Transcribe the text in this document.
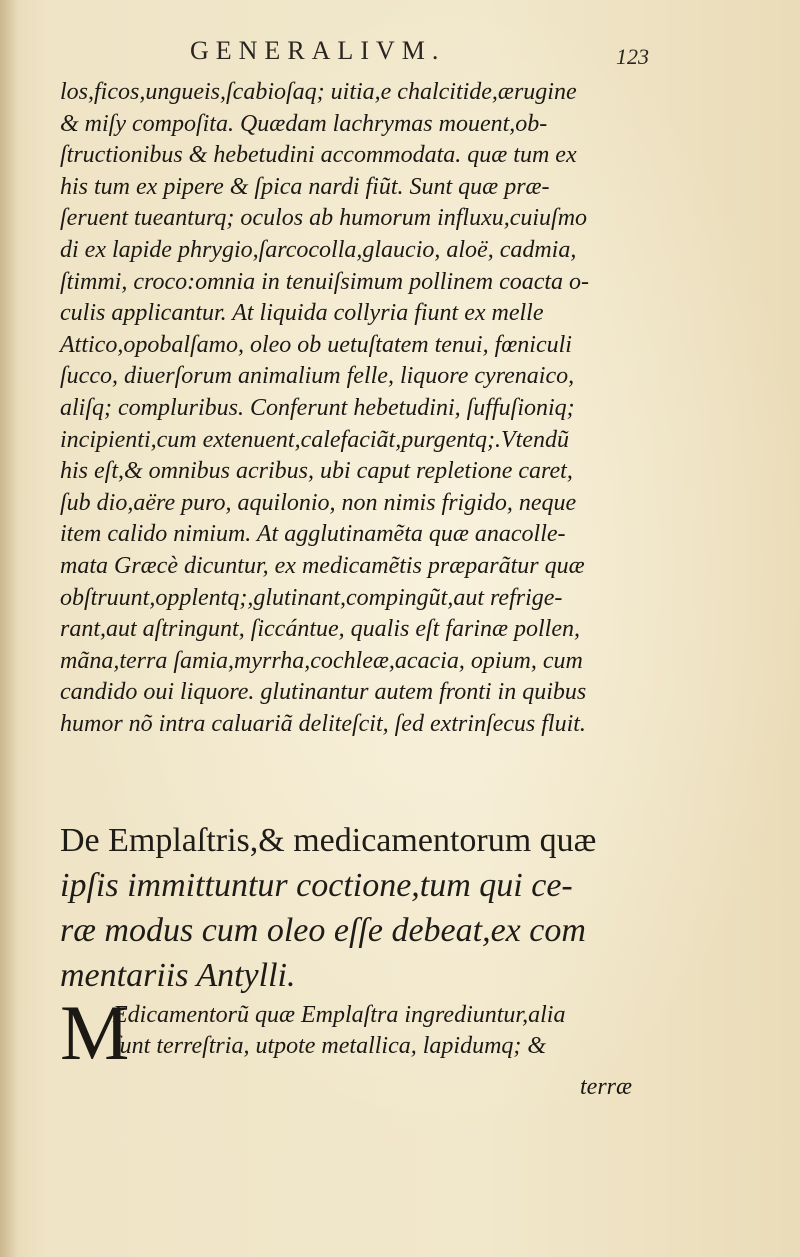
GENERALIVM.	123
los,ficos,ungueis,ſcabioſaq; uitia,e chalcitide,ærugine
& miſy compoſita. Quædam lachrymas mouent,ob-
ſtructionibus & hebetudini accommodata. quæ tum ex
his tum ex pipere & ſpica nardi fiũt. Sunt quæ præ-
ſeruent tueanturq; oculos ab humorum influxu,cuiuſmo
di ex lapide phrygio,ſarcocolla,glaucio, aloë, cadmia,
ſtimmi, croco:omnia in tenuiſsimum pollinem coacta o-
culis applicantur. At liquida collyria fiunt ex melle
Attico,opobalſamo, oleo ob uetuſtatem tenui, fœniculi
ſucco, diuerſorum animalium felle, liquore cyrenaico,
aliſq; compluribus. Conferunt hebetudini, ſuffuſioniq;
incipienti,cum extenuent,calefaciãt,purgentq;.Vtendũ
his eſt,& omnibus acribus, ubi caput repletione caret,
ſub dio,aëre puro, aquilonio, non nimis frigido, neque
item calido nimium. At agglutinamẽta quæ anacolle-
mata Græcè dicuntur, ex medicamẽtis præparãtur quæ
obſtruunt,opplentq;,glutinant,compingũt,aut refrige-
rant,aut aſtringunt, ſiccántue, qualis eſt farinæ pollen,
mãna,terra ſamia,myrrha,cochleæ,acacia, opium, cum
candido oui liquore. glutinantur autem fronti in quibus
humor nõ intra caluariã deliteſcit, ſed extrinſecus fluit.
De Emplaſtris,& medicamentorum quæ
ipſis immittuntur coctione,tum qui ce-
ræ modus cum oleo eſſe debeat,ex com
mentariis Antylli.
M
Edicamentorũ quæ Emplaſtra ingrediuntur,alia
ſunt terreſtria, utpote metallica, lapidumq; &
terræ
